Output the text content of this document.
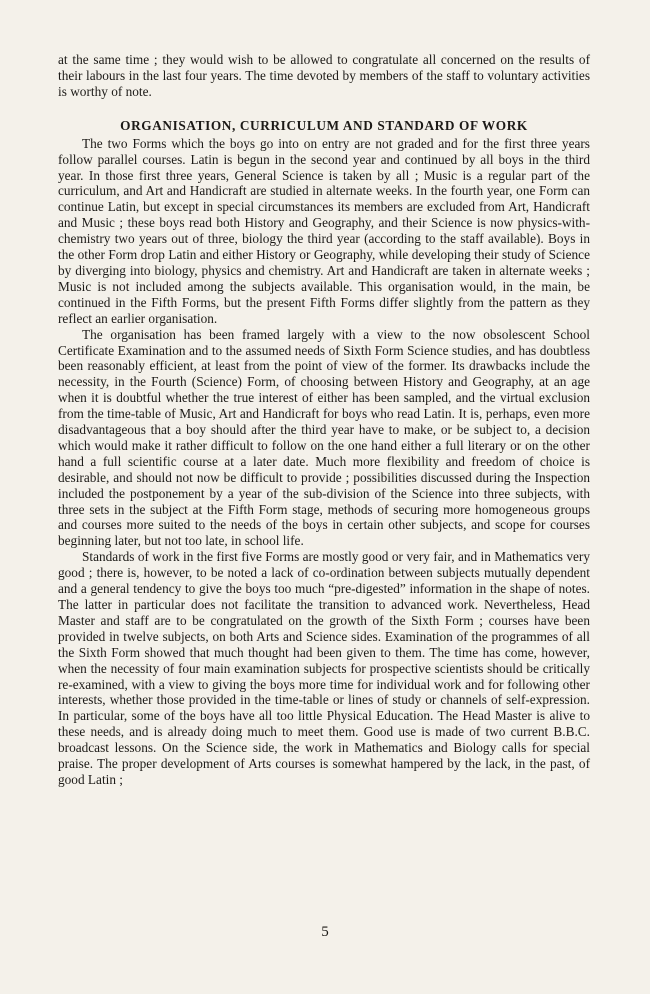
at the same time ; they would wish to be allowed to congratulate all concerned on the results of their labours in the last four years. The time devoted by members of the staff to voluntary activities is worthy of note.

ORGANISATION, CURRICULUM AND STANDARD OF WORK

The two Forms which the boys go into on entry are not graded and for the first three years follow parallel courses. Latin is begun in the second year and continued by all boys in the third year. In those first three years, General Science is taken by all ; Music is a regular part of the curriculum, and Art and Handicraft are studied in alternate weeks. In the fourth year, one Form can continue Latin, but except in special circumstances its members are excluded from Art, Handicraft and Music ; these boys read both History and Geography, and their Science is now physics-with-chemistry two years out of three, biology the third year (according to the staff available). Boys in the other Form drop Latin and either History or Geography, while developing their study of Science by diverging into biology, physics and chemistry. Art and Handicraft are taken in alternate weeks ; Music is not included among the subjects available. This organisation would, in the main, be continued in the Fifth Forms, but the present Fifth Forms differ slightly from the pattern as they reflect an earlier organisation.

The organisation has been framed largely with a view to the now obsolescent School Certificate Examination and to the assumed needs of Sixth Form Science studies, and has doubtless been reasonably efficient, at least from the point of view of the former. Its drawbacks include the necessity, in the Fourth (Science) Form, of choosing between History and Geography, at an age when it is doubtful whether the true interest of either has been sampled, and the virtual exclusion from the time-table of Music, Art and Handicraft for boys who read Latin. It is, perhaps, even more disadvantageous that a boy should after the third year have to make, or be subject to, a decision which would make it rather difficult to follow on the one hand either a full literary or on the other hand a full scientific course at a later date. Much more flexibility and freedom of choice is desirable, and should not now be difficult to provide ; possibilities discussed during the Inspection included the postponement by a year of the sub-division of the Science into three subjects, with three sets in the subject at the Fifth Form stage, methods of securing more homogeneous groups and courses more suited to the needs of the boys in certain other subjects, and scope for courses beginning later, but not too late, in school life.

Standards of work in the first five Forms are mostly good or very fair, and in Mathematics very good ; there is, however, to be noted a lack of co-ordination between subjects mutually dependent and a general tendency to give the boys too much “pre-digested” information in the shape of notes. The latter in particular does not facilitate the transition to advanced work. Nevertheless, Head Master and staff are to be congratulated on the growth of the Sixth Form ; courses have been provided in twelve subjects, on both Arts and Science sides. Examination of the programmes of all the Sixth Form showed that much thought had been given to them. The time has come, however, when the necessity of four main examination subjects for prospective scientists should be critically re-examined, with a view to giving the boys more time for individual work and for following other interests, whether those provided in the time-table or lines of study or channels of self-expression. In particular, some of the boys have all too little Physical Education. The Head Master is alive to these needs, and is already doing much to meet them. Good use is made of two current B.B.C. broadcast lessons. On the Science side, the work in Mathematics and Biology calls for special praise. The proper development of Arts courses is somewhat hampered by the lack, in the past, of good Latin ;

5
